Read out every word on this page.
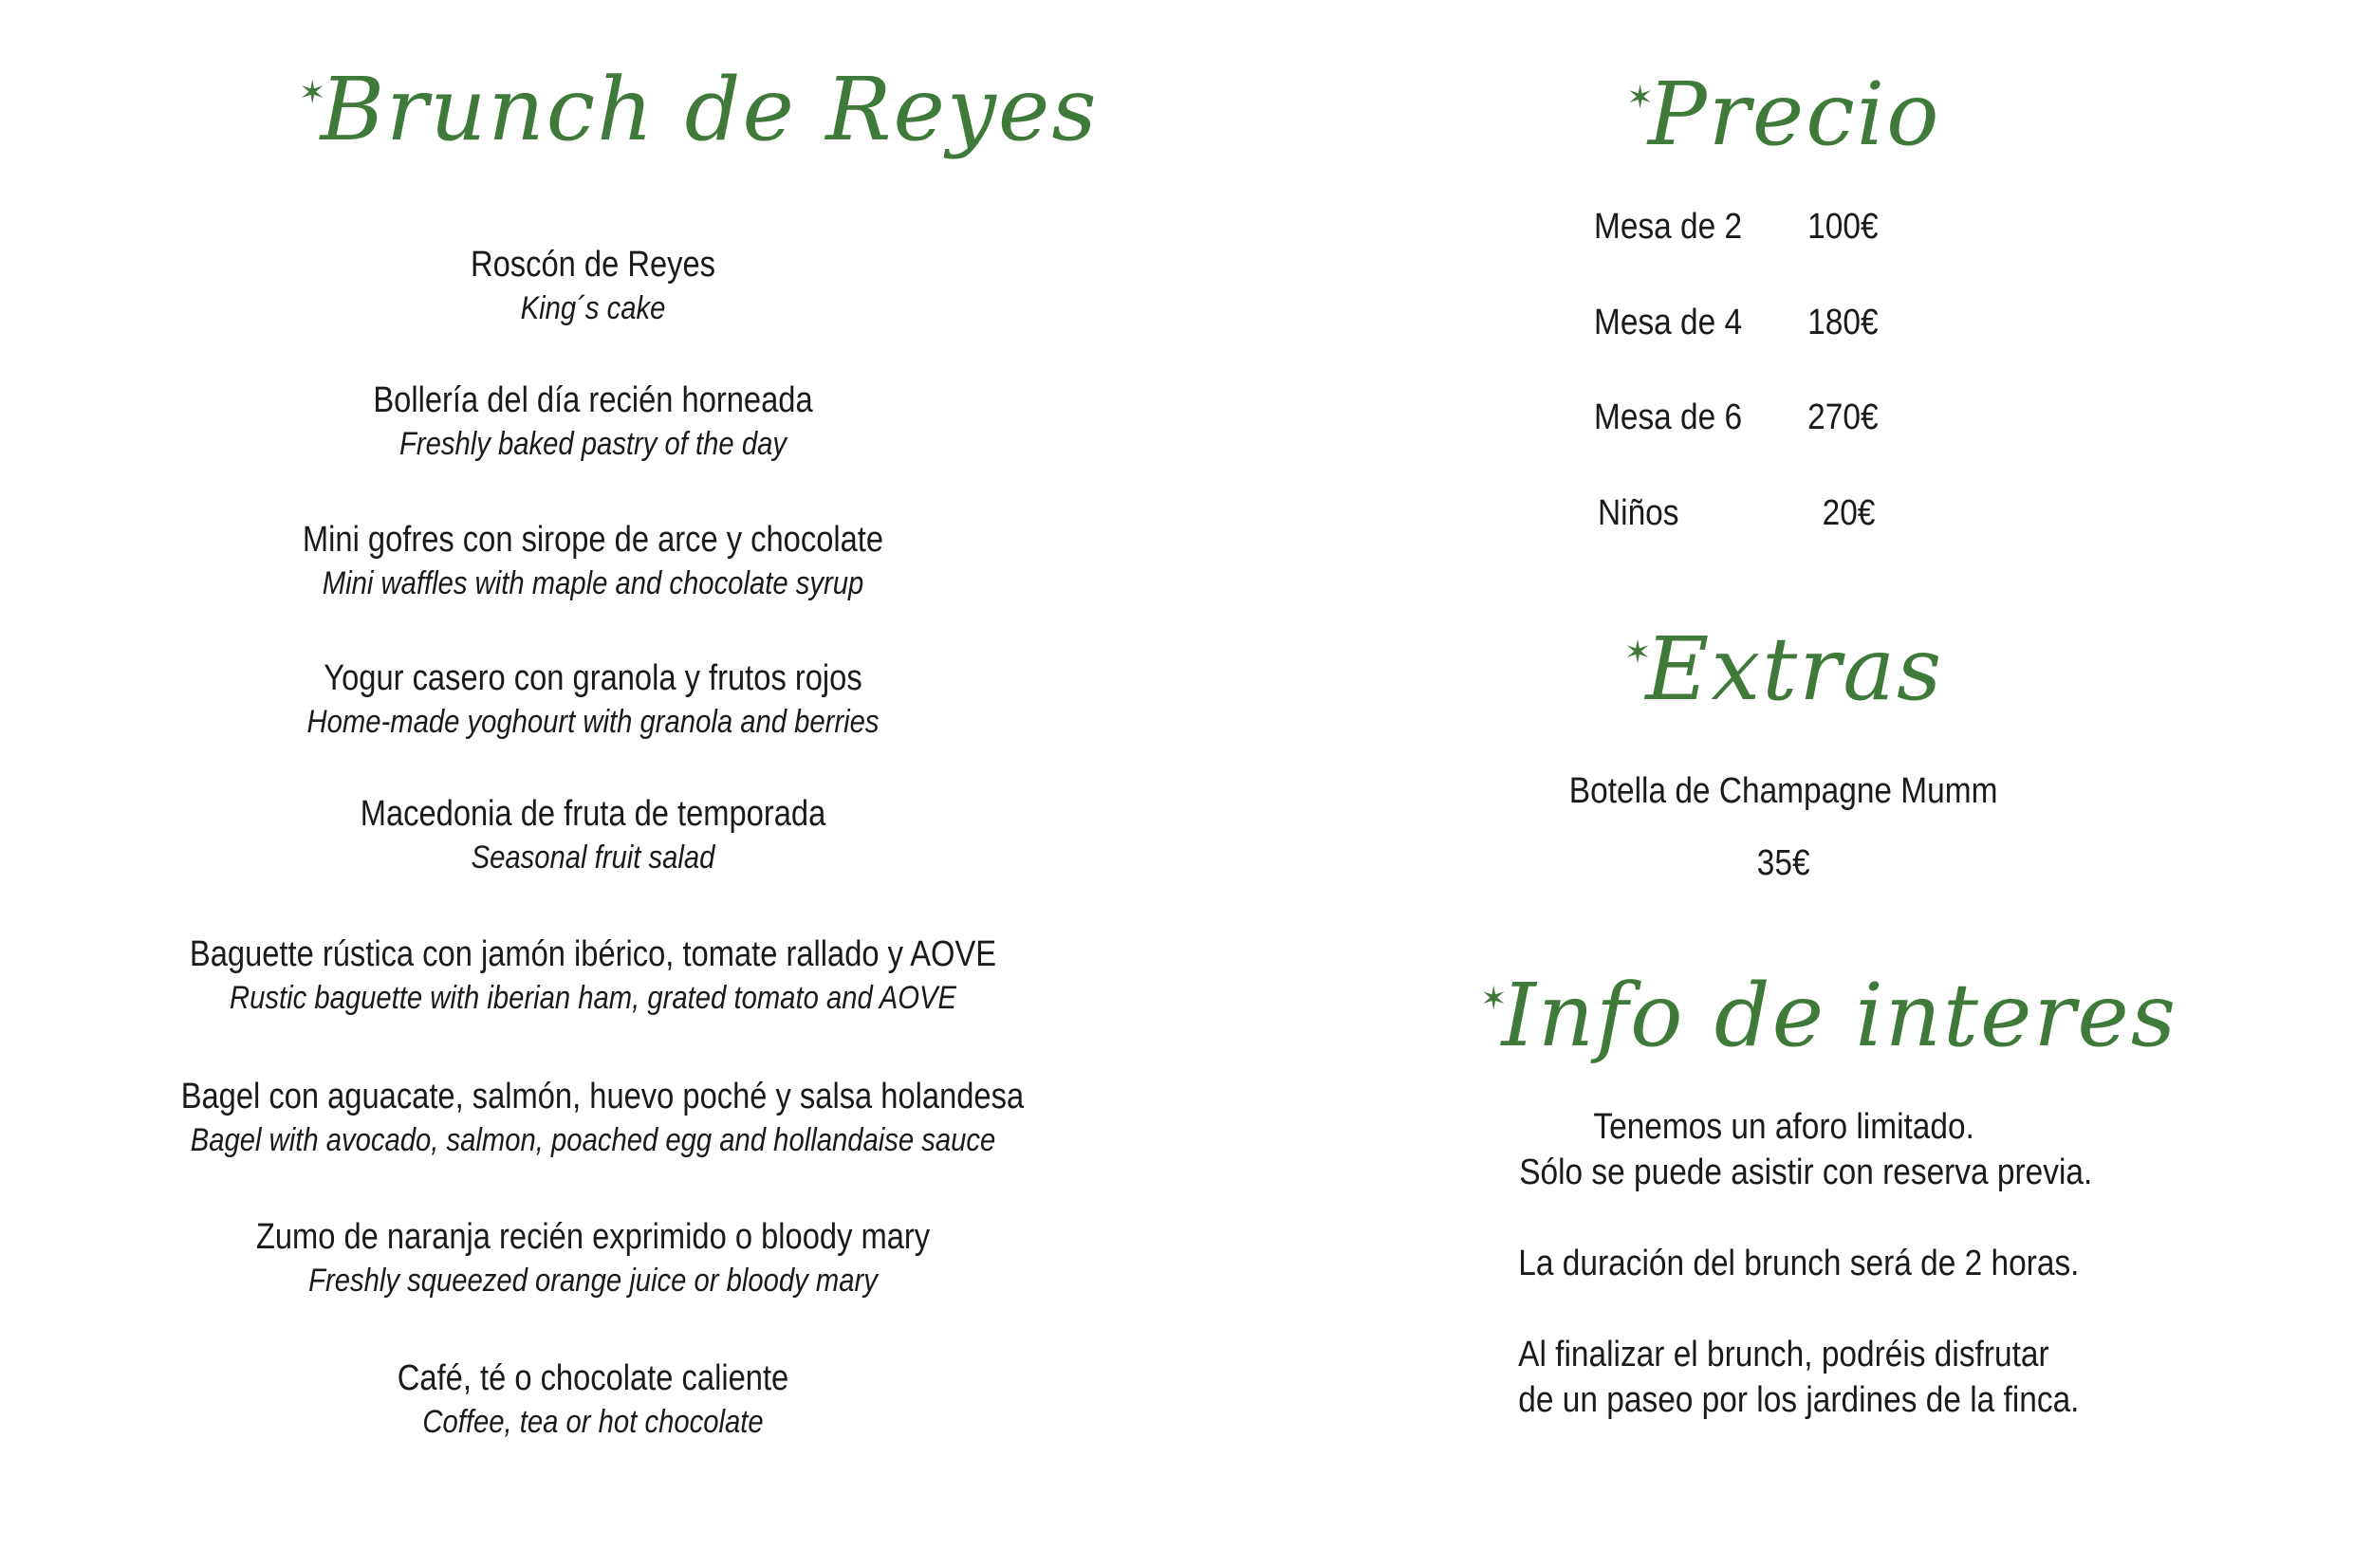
✶Brunch de Reyes
Roscón de Reyes
King´s cake
Bollería del día recién horneada
Freshly baked pastry of the day
Mini gofres con sirope de arce y chocolate
Mini waffles with maple and chocolate syrup
Yogur casero con granola y frutos rojos
Home-made yoghourt with granola and berries
Macedonia de fruta de temporada
Seasonal fruit salad
Baguette rústica con jamón ibérico, tomate rallado y AOVE
Rustic baguette with iberian ham, grated tomato and AOVE
Bagel con aguacate, salmón, huevo poché y salsa holandesa
Bagel with avocado, salmon, poached egg and hollandaise sauce
Zumo de naranja recién exprimido o bloody mary
Freshly squeezed orange juice or bloody mary
Café, té o chocolate caliente
Coffee, tea or hot chocolate
✶Precio
Mesa de 2 100€
Mesa de 4 180€
Mesa de 6 270€
Niños	20€
✶Extras
Botella de Champagne Mumm
35€
✶Info de interes
Tenemos un aforo limitado.
Sólo se puede asistir con reserva previa.
La duración del brunch será de 2 horas.
Al finalizar el brunch, podréis disfrutar
de un paseo por los jardines de la finca.
